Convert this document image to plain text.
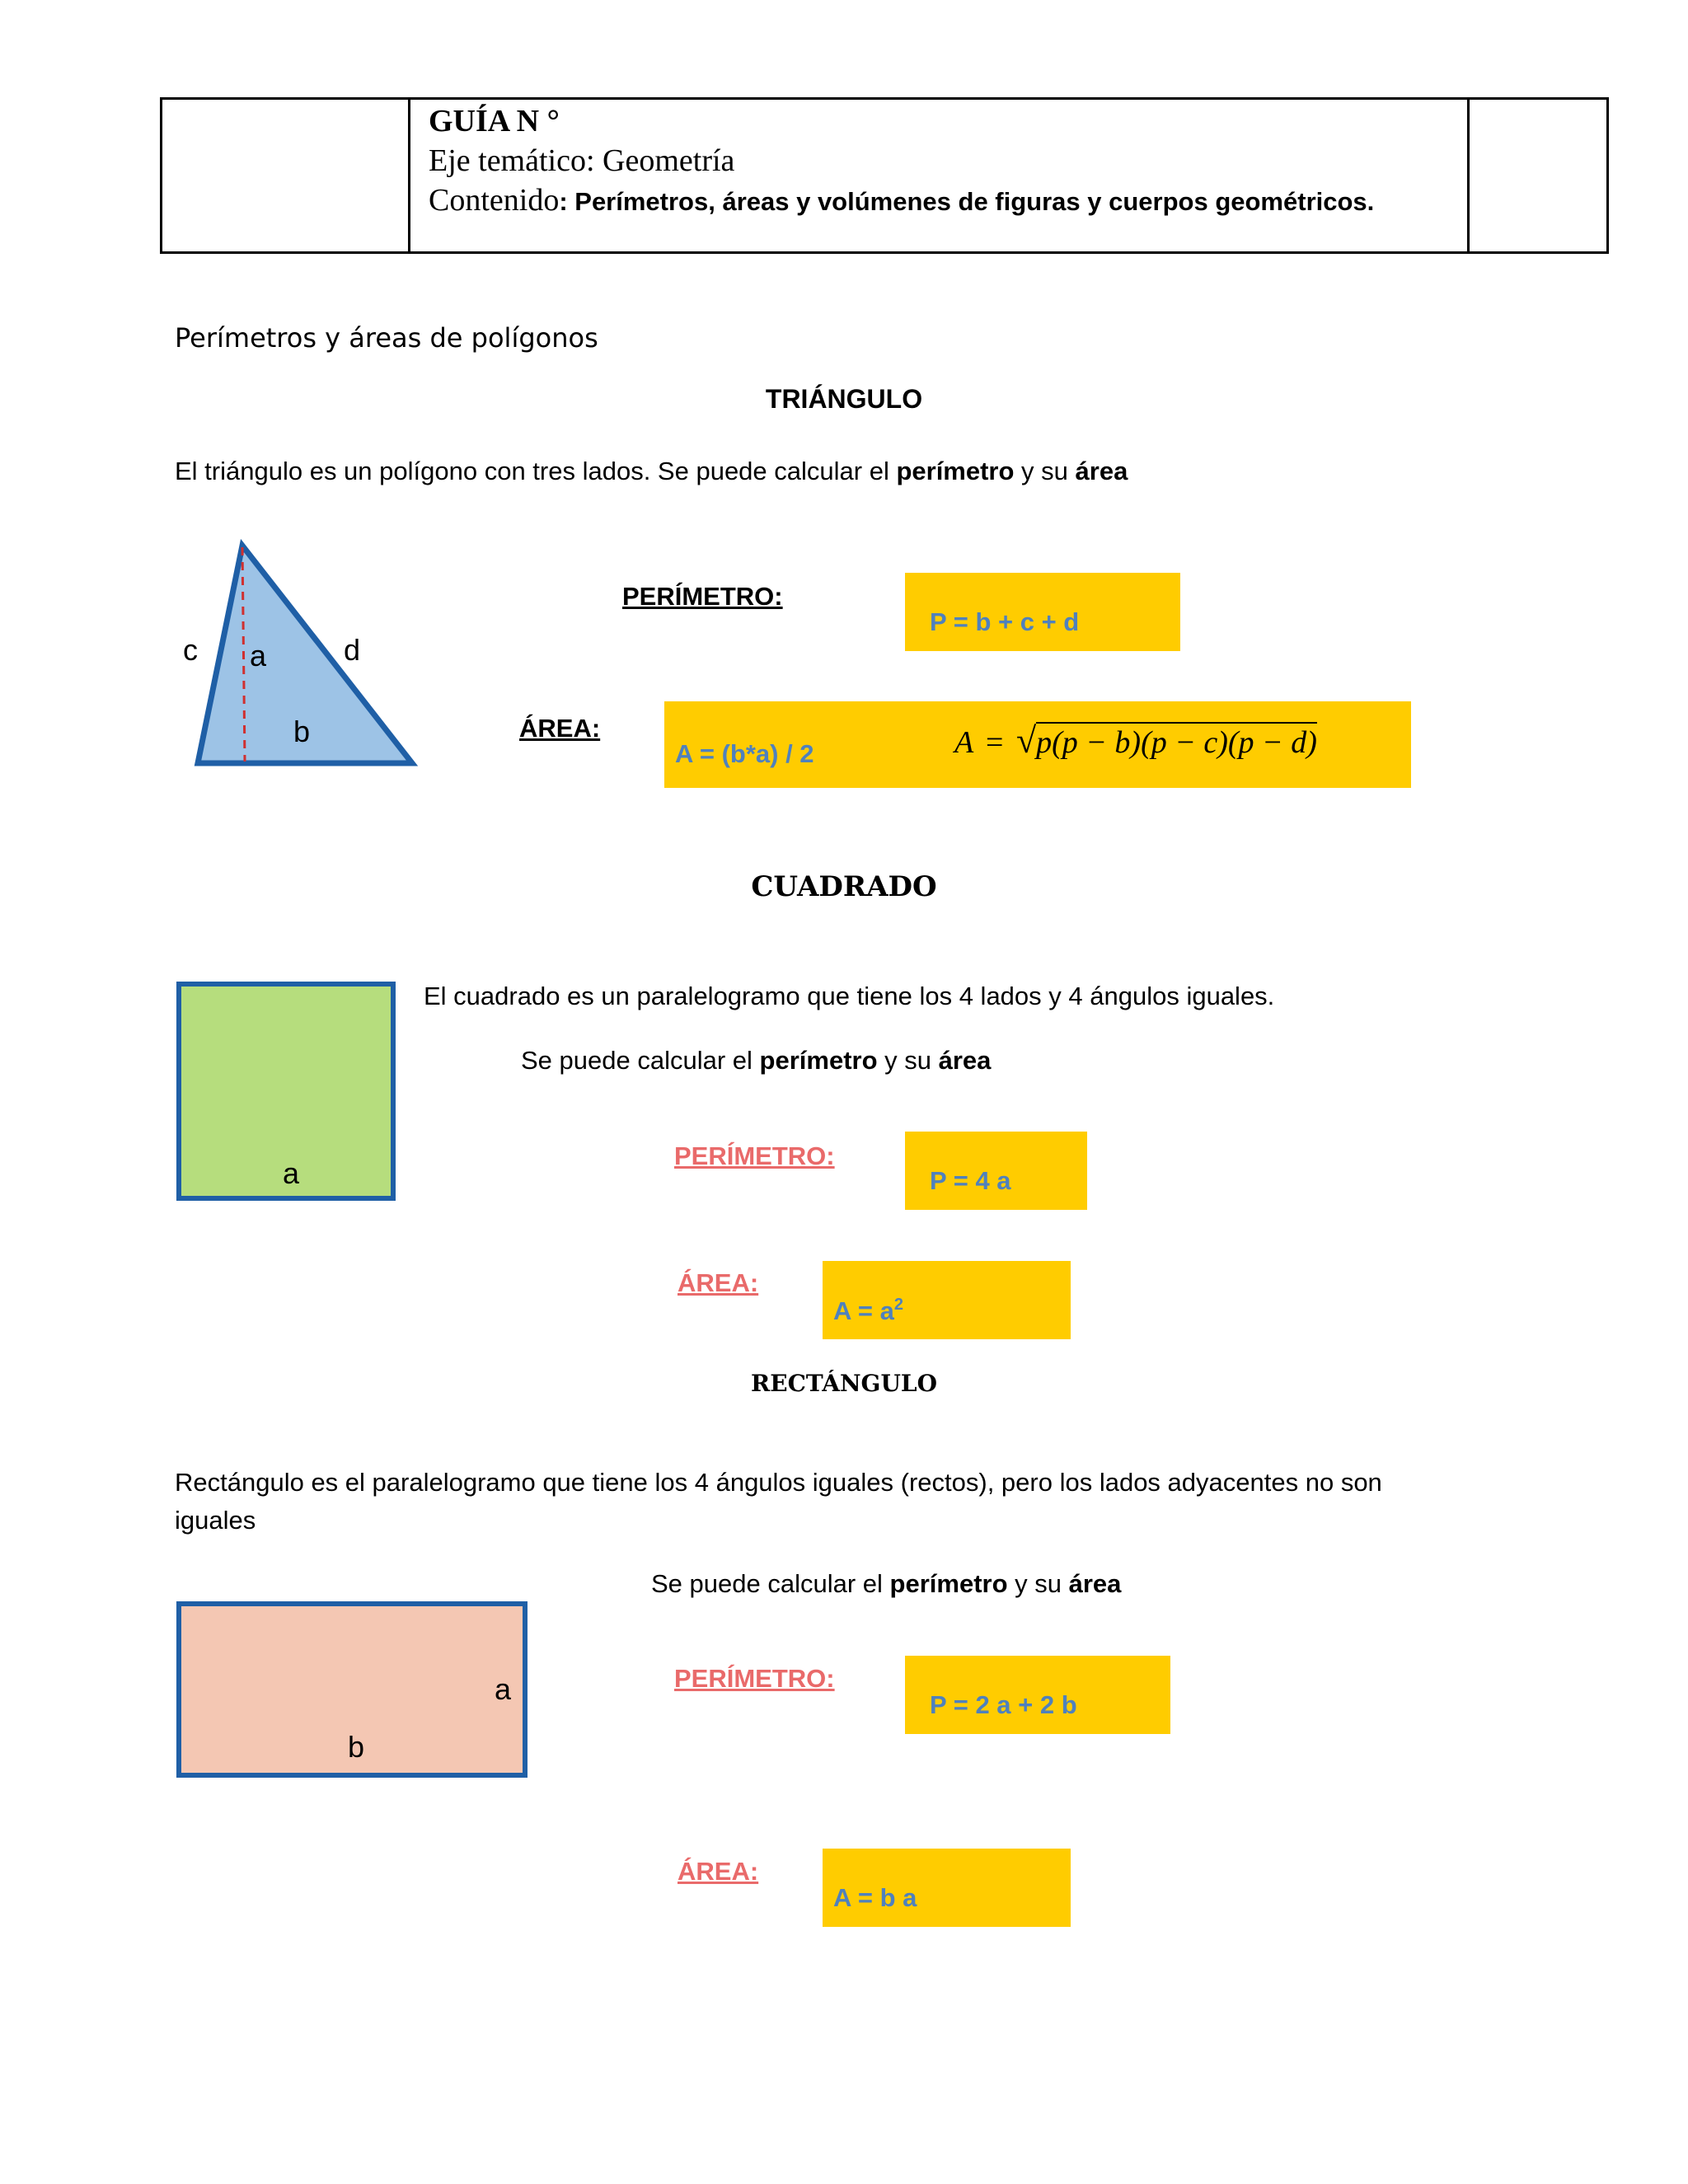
GUÍA N °
Eje temático: Geometría
Contenido: Perímetros, áreas y volúmenes de figuras y cuerpos geométricos.
Perímetros y áreas de polígonos
TRIÁNGULO
El triángulo es un polígono con tres lados. Se puede calcular el perímetro y su área
c a	d
b
PERÍMETRO:
P = b + c + d
ÁREA:
A = (b*a) / 2	A = √p(p − b)(p − c)(p − d)
CUADRADO
a
El cuadrado es un paralelogramo que tiene los 4 lados y 4 ángulos iguales.
Se puede calcular el perímetro y su área
PERÍMETRO:
P = 4 a
ÁREA:
$A = a^2$
RECTÁNGULO
Rectángulo es el paralelogramo que tiene los 4 ángulos iguales (rectos), pero los lados adyacentes no son
iguales
Se puede calcular el perímetro y su área
a
b
PERÍMETRO:
P = 2 a + 2 b
ÁREA:
A = b a
